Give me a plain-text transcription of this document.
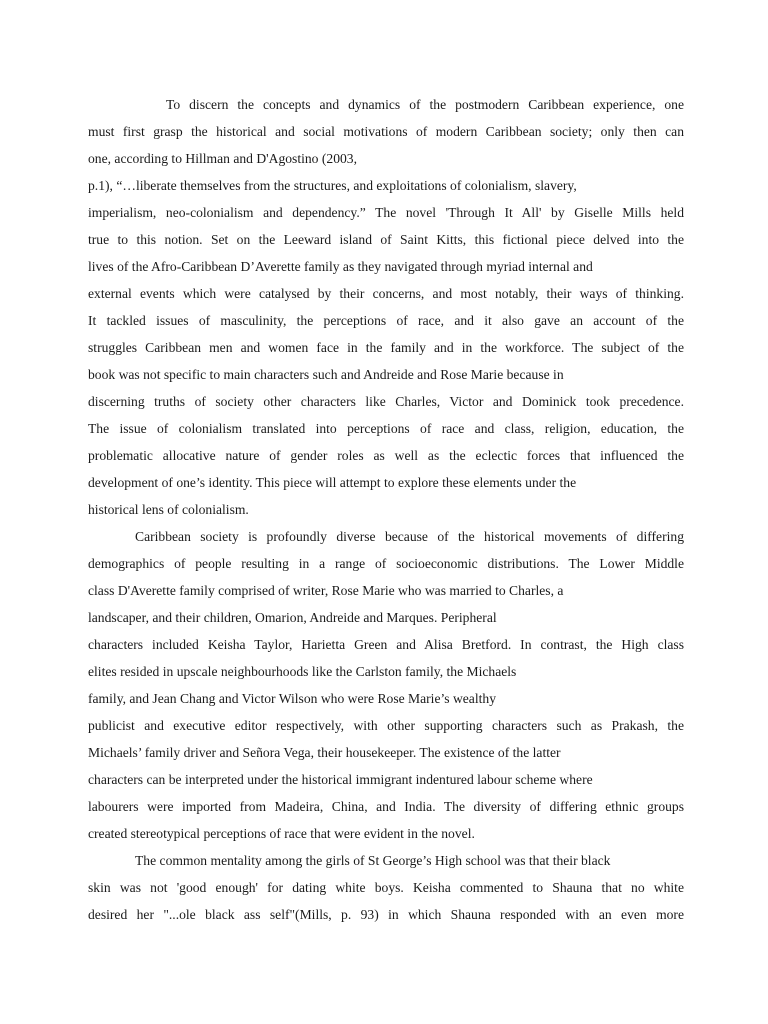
To discern the concepts and dynamics of the postmodern Caribbean experience, one
must first grasp the historical and social motivations of modern Caribbean society; only then can
one, according to Hillman and D'Agostino (2003,
p.1), “…liberate themselves from the structures, and exploitations of colonialism, slavery,
imperialism, neo-colonialism and dependency.” The novel 'Through It All' by Giselle Mills held
true to this notion. Set on the Leeward island of Saint Kitts, this fictional piece delved into the
lives of the Afro-Caribbean D’Averette family as they navigated through myriad internal and
external events which were catalysed by their concerns, and most notably, their ways of thinking.
It tackled issues of masculinity, the perceptions of race, and it also gave an account of the
struggles Caribbean men and women face in the family and in the workforce. The subject of the
book was not specific to main characters such and Andreide and Rose Marie because in
discerning truths of society other characters like Charles, Victor and Dominick took precedence.
The issue of colonialism translated into perceptions of race and class, religion, education, the
problematic allocative nature of gender roles as well as the eclectic forces that influenced the
development of one’s identity. This piece will attempt to explore these elements under the
historical lens of colonialism.
Caribbean society is profoundly diverse because of the historical movements of differing
demographics of people resulting in a range of socioeconomic distributions. The Lower Middle
class D'Averette family comprised of writer, Rose Marie who was married to Charles, a
landscaper, and their children, Omarion, Andreide and Marques. Peripheral
characters included Keisha Taylor, Harietta Green and Alisa Bretford. In contrast, the High class
elites resided in upscale neighbourhoods like the Carlston family, the Michaels
family, and Jean Chang and Victor Wilson who were Rose Marie’s wealthy
publicist and executive editor respectively, with other supporting characters such as Prakash, the
Michaels’ family driver and Señora Vega, their housekeeper. The existence of the latter
characters can be interpreted under the historical immigrant indentured labour scheme where
labourers were imported from Madeira, China, and India. The diversity of differing ethnic groups
created stereotypical perceptions of race that were evident in the novel.
The common mentality among the girls of St George’s High school was that their black
skin was not 'good enough' for dating white boys. Keisha commented to Shauna that no white
desired her "...ole black ass self"(Mills, p. 93) in which Shauna responded with an even more
